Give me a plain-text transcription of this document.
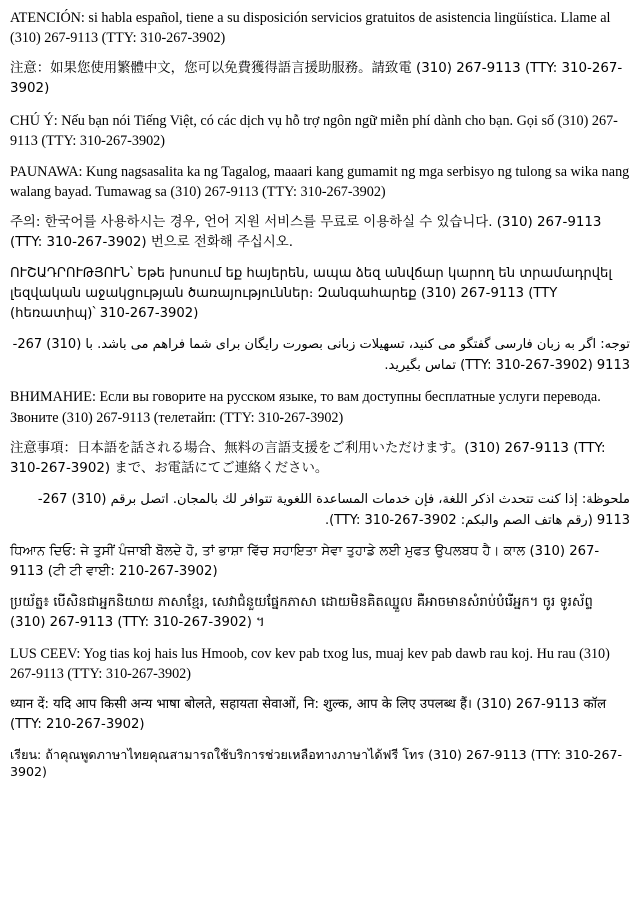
ATENCIÓN: si habla español, tiene a su disposición servicios gratuitos de asistencia lingüística. Llame al (310) 267-9113 (TTY: 310-267-3902)

注意：如果您使用繁體中文，您可以免費獲得語言援助服務。請致電 (310) 267-9113 (TTY: 310-267-3902)

CHÚ Ý: Nếu bạn nói Tiếng Việt, có các dịch vụ hỗ trợ ngôn ngữ miễn phí dành cho bạn. Gọi số (310) 267-9113 (TTY: 310-267-3902)

PAUNAWA: Kung nagsasalita ka ng Tagalog, maaari kang gumamit ng mga serbisyo ng tulong sa wika nang walang bayad. Tumawag sa (310) 267-9113 (TTY: 310-267-3902)

주의: 한국어를 사용하시는 경우, 언어 지원 서비스를 무료로 이용하실 수 있습니다. (310) 267-9113 (TTY: 310-267-3902) 번으로 전화해 주십시오.

ՈՒՇԱԴՐՈՒԹՅՈՒՆ՝ Եթե խոսում եք հայերեն, ապա ձեզ անվճար կարող են տրամադրվել լեզվական աջակցության ծառայություններ։ Զանգահարեք (310) 267-9113 (TTY (հեռատիպ)՝ 310-267-3902)

توجه: اگر به زبان فارسی گفتگو می کنید، تسهیلات زبانی بصورت رایگان برای شما فراهم می باشد. با (310) 267-9113 (TTY: 310-267-3902) تماس بگیرید.

ВНИМАНИЕ: Если вы говорите на русском языке, то вам доступны бесплатные услуги перевода. Звоните (310) 267-9113 (телетайп: (TTY: 310-267-3902)

注意事項：日本語を話される場合、無料の言語支援をご利用いただけます。(310) 267-9113 (TTY: 310-267-3902) まで、お電話にてご連絡ください。

ملحوظة: إذا كنت تتحدث اذكر اللغة، فإن خدمات المساعدة اللغوية تتوافر لك بالمجان. اتصل برقم (310) 267-9113 (رقم هاتف الصم والبكم: TTY: 310-267-3902).

ਧਿਆਨ ਦਿਓ: ਜੇ ਤੁਸੀਂ ਪੰਜਾਬੀ ਬੋਲਦੇ ਹੋ, ਤਾਂ ਭਾਸ਼ਾ ਵਿੱਚ ਸਹਾਇਤਾ ਸੇਵਾ ਤੁਹਾਡੇ ਲਈ ਮੁਫਤ ਉਪਲਬਧ ਹੈ। ਕਾਲ (310) 267-9113 (ਟੀ ਟੀ ਵਾਈ: 210-267-3902)

ប្រយ័ត្ន៖ បើសិនជាអ្នកនិយាយ ភាសាខ្មែរ, សេវាជំនួយផ្នែកភាសា ដោយមិនគិតឈ្នួល គឺអាចមានសំរាប់បំរើអ្នក។ ចូរ ទូរស័ព្ទ (310) 267-9113 (TTY: 310-267-3902) ។

LUS CEEV: Yog tias koj hais lus Hmoob, cov kev pab txog lus, muaj kev pab dawb rau koj. Hu rau (310) 267-9113 (TTY: 310-267-3902)

ध्यान दें: यदि आप किसी अन्य भाषा बोलते, सहायता सेवाओं, नि: शुल्क, आप के लिए उपलब्ध हैं। (310) 267-9113 कॉल (TTY: 210-267-3902)

เรียน: ถ้าคุณพูดภาษาไทยคุณสามารถใช้บริการช่วยเหลือทางภาษาได้ฟรี โทร (310) 267-9113 (TTY: 310-267-3902)
